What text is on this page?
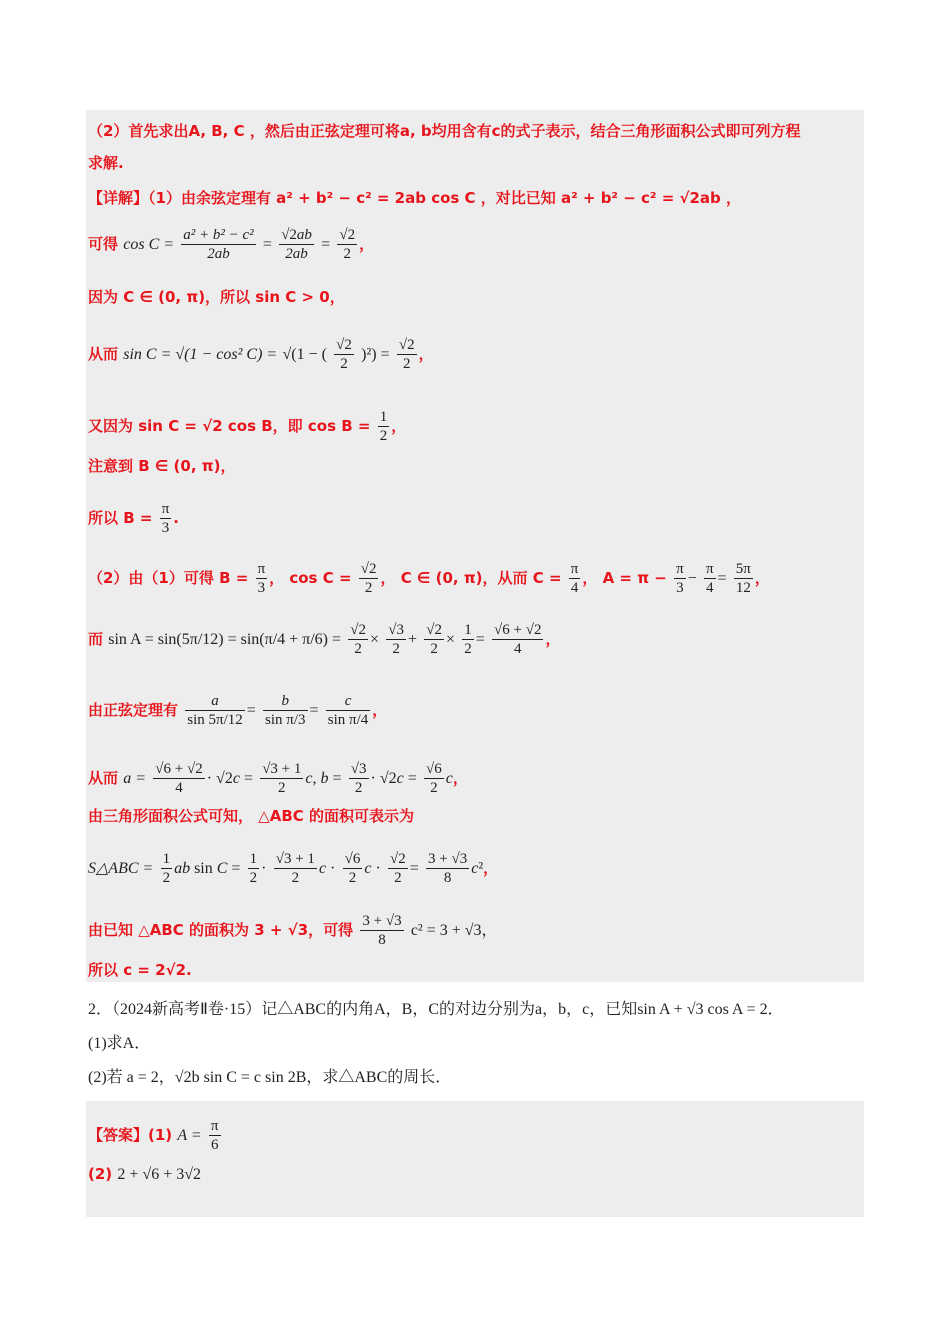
（2）首先求出A, B, C ，然后由正弦定理可将a, b均用含有c的式子表示，结合三角形面积公式即可列方程
求解.
【详解】（1）由余弦定理有 a² + b² − c² = 2ab cos C ，对比已知 a² + b² − c² = √2ab ，
可得 $\cos C = \frac{\text{a² + b² − c²}}{2ab} = \frac{√2ab}{2ab} = \frac{√2}{2}$ ，
因为 C ∈ (0, π)，所以 sin C > 0，
从而 sin C = √(1 − cos² C) = √(1 − ( $\frac{√2}{2} )^2) = \frac{√2}{2}$ ，
又因为 sin C = √2 cos B，即 $\cos B = \frac{1}{2}$ ，
注意到 B ∈ (0, π)，
所以 $B = \frac{\pi}{3}$ .
（2）由（1）可得 $B = \frac{\pi}{3}$ ， $\cos C = \frac{√2}{2}$ ， C ∈ (0, π)，从而 $C = \frac{\pi}{4}$ ， $A = \pi - \frac{\pi}{3} - \frac{\pi}{4} = \frac{5\pi}{12}$ ，
而 $\sin A = \sin(5\pi/12) = \sin(\pi/4 + \pi/6) = \frac{√2}{2} \times \frac{√3}{2} + \frac{√2}{2} \times \frac{1}{2} = \frac{√6 + √2}{4}$ ，
由正弦定理有 $\frac{a}{\sin 5\pi/12} = \frac{b}{\text{sin π/3}} = \frac{c}{\text{sin π/4}}$ ，
从而 $a = \frac{√6 + √2}{4} \cdot √2c = \frac{√3 + 1}{2} c$, $b = \frac{√3}{2} \cdot √2c = \frac{√6}{2}$ c，
由三角形面积公式可知， △ABC 的面积可表示为
S△ABC = $\frac{1}{2}$ ab $\sin C = \frac{1}{2} \cdot \frac{√3 + 1}{2}$ $c \cdot \frac{√6}{2}$ $c \cdot \frac{√2}{2} = \frac{3 + √3}{8} c^2$，
由已知 △ABC 的面积为 3 + √3，可得 $\frac{3 + √3}{8} c^2 = 3 + √3$，
所以 c = 2√2.
2．（2024新高考Ⅱ卷·15）记△ABC的内角A，B，C的对边分别为a，b，c，已知sin A + √3 cos A = 2．
(1)求A．
(2)若 a = 2，√2b sin C = c sin 2B，求△ABC的周长．
【答案】(1) $A = \frac{\pi}{6}$
(2) 2 + √6 + 3√2
